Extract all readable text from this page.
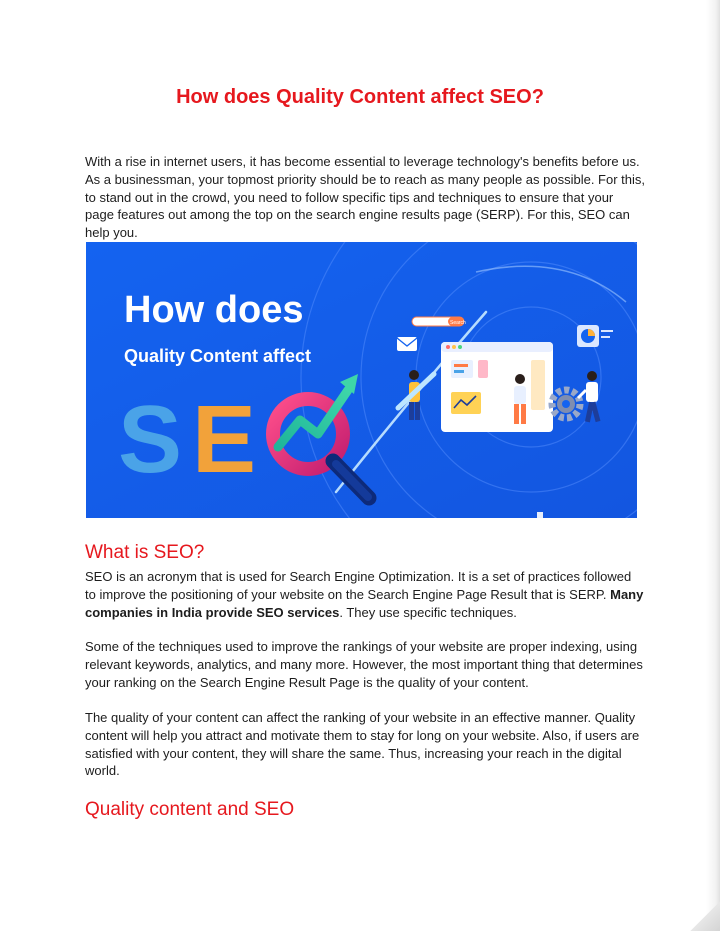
How does Quality Content affect SEO?

With a rise in internet users, it has become essential to leverage technology's benefits before us. As a businessman, your topmost priority should be to reach as many people as possible. For this, to stand out in the crowd, you need to follow specific tips and techniques to ensure that your page features out among the top on the search engine results page (SERP). For this, SEO can help you.

How does
Quality Content affect
S E
Search
What is SEO?

SEO is an acronym that is used for Search Engine Optimization. It is a set of practices followed to improve the positioning of your website on the Search Engine Page Result that is SERP. Many companies in India provide SEO services. They use specific techniques.

Some of the techniques used to improve the rankings of your website are proper indexing, using relevant keywords, analytics, and many more. However, the most important thing that determines your ranking on the Search Engine Result Page is the quality of your content.

The quality of your content can affect the ranking of your website in an effective manner. Quality content will help you attract and motivate them to stay for long on your website. Also, if users are satisfied with your content, they will share the same. Thus, increasing your reach in the digital world.

Quality content and SEO
